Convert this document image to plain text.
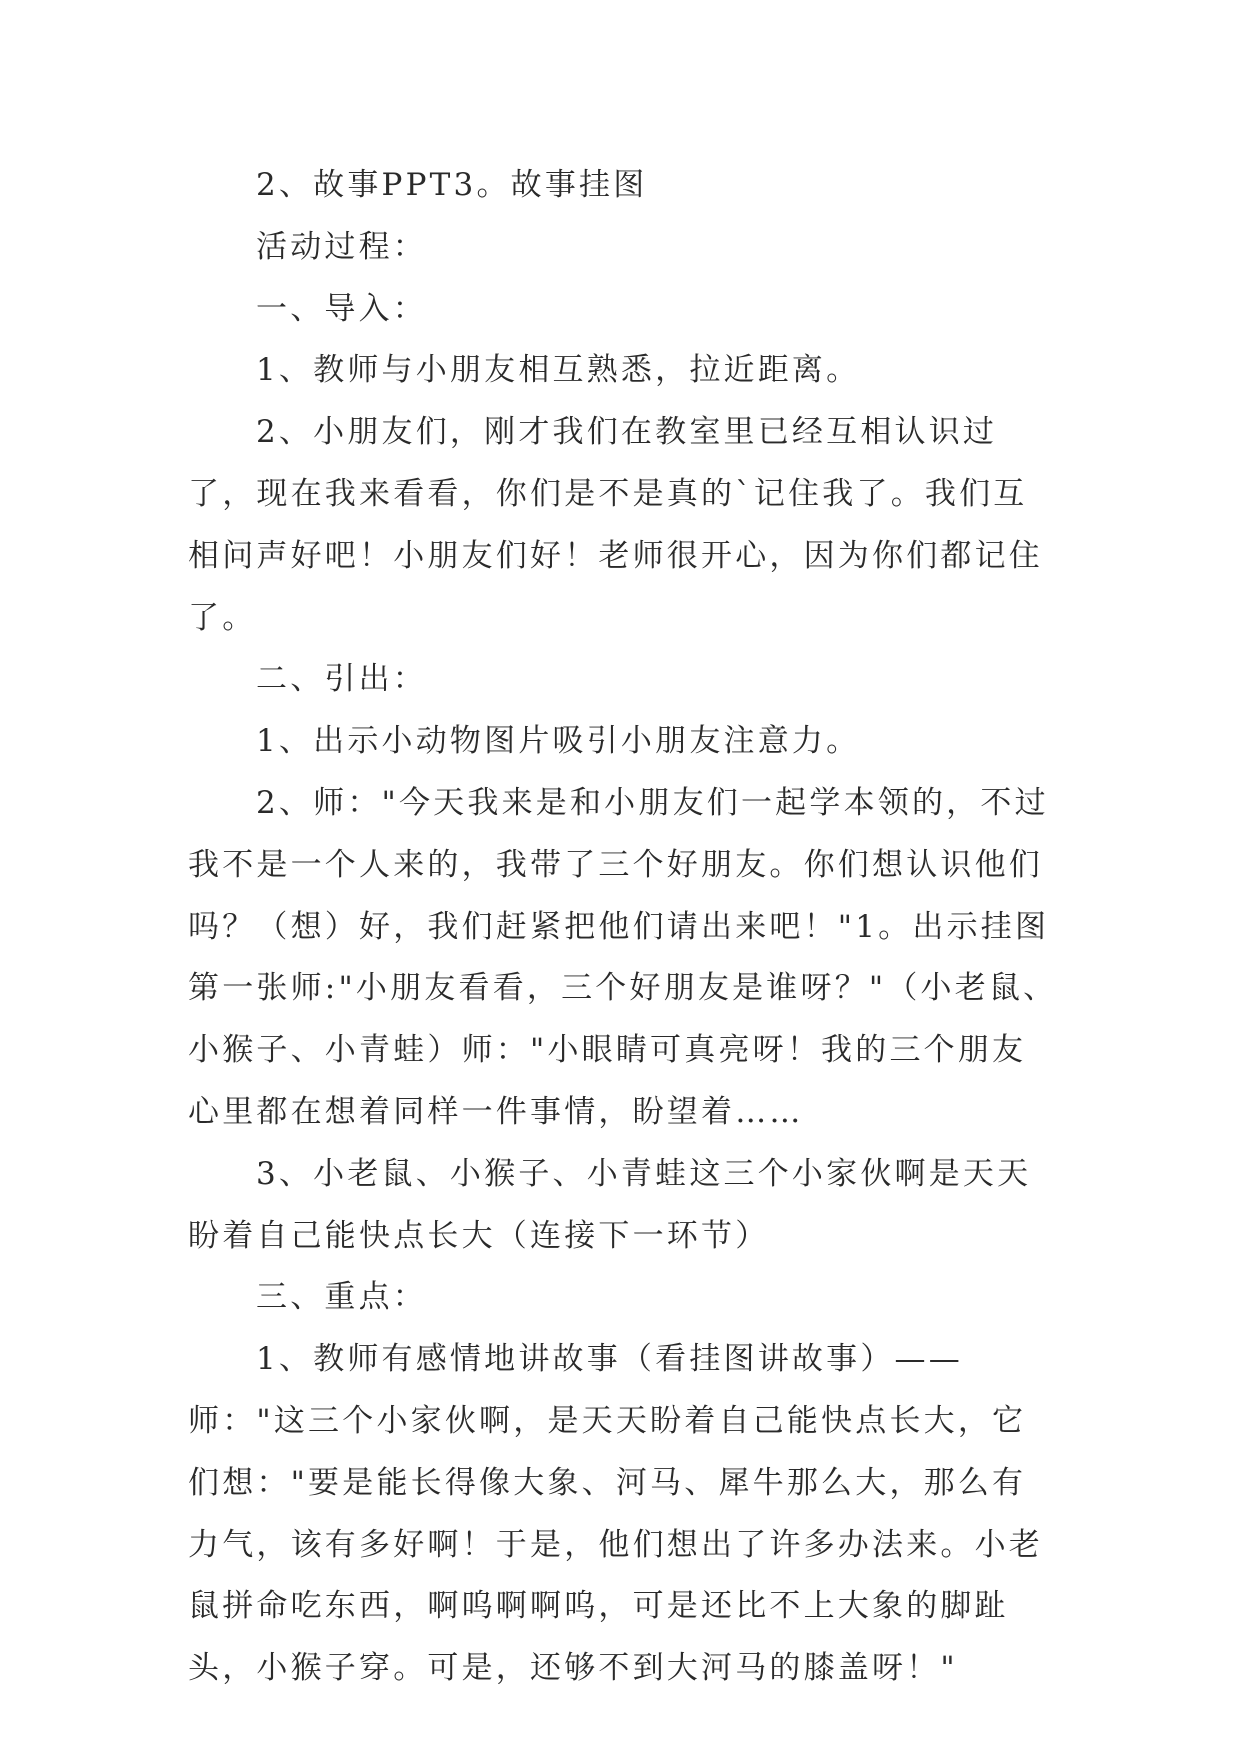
2、故事PPT3。故事挂图

活动过程：

一、导入：

1、教师与小朋友相互熟悉，拉近距离。

2、小朋友们，刚才我们在教室里已经互相认识过了，现在我来看看，你们是不是真的`记住我了。我们互相问声好吧！小朋友们好！老师很开心，因为你们都记住了。

二、引出：

1、出示小动物图片吸引小朋友注意力。

2、师："今天我来是和小朋友们一起学本领的，不过我不是一个人来的，我带了三个好朋友。你们想认识他们吗？（想）好，我们赶紧把他们请出来吧！"1。出示挂图第一张师:"小朋友看看，三个好朋友是谁呀？"（小老鼠、小猴子、小青蛙）师："小眼睛可真亮呀！我的三个朋友心里都在想着同样一件事情，盼望着……

3、小老鼠、小猴子、小青蛙这三个小家伙啊是天天盼着自己能快点长大（连接下一环节）

三、重点：

1、教师有感情地讲故事（看挂图讲故事）——师："这三个小家伙啊，是天天盼着自己能快点长大，它们想："要是能长得像大象、河马、犀牛那么大，那么有力气，该有多好啊！于是，他们想出了许多办法来。小老鼠拼命吃东西，啊呜啊啊呜，可是还比不上大象的脚趾头，小猴子穿。可是，还够不到大河马的膝盖呀！"
